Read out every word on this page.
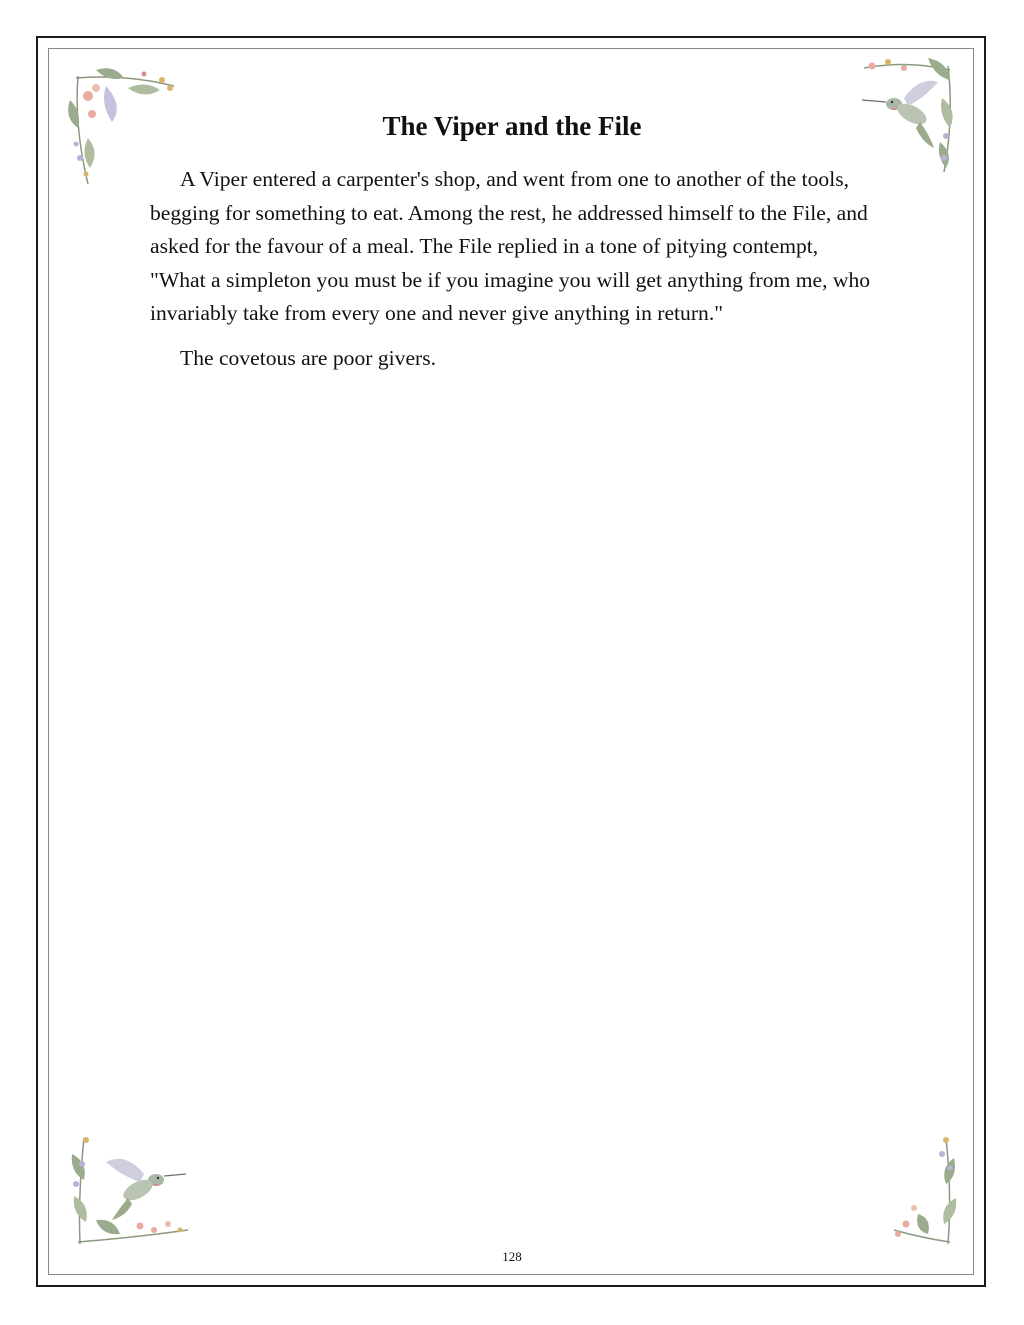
The Viper and the File

A Viper entered a carpenter's shop, and went from one to another of the tools, begging for something to eat. Among the rest, he addressed himself to the File, and asked for the favour of a meal. The File replied in a tone of pitying contempt, "What a simpleton you must be if you imagine you will get anything from me, who invariably take from every one and never give anything in return."

The covetous are poor givers.

128
